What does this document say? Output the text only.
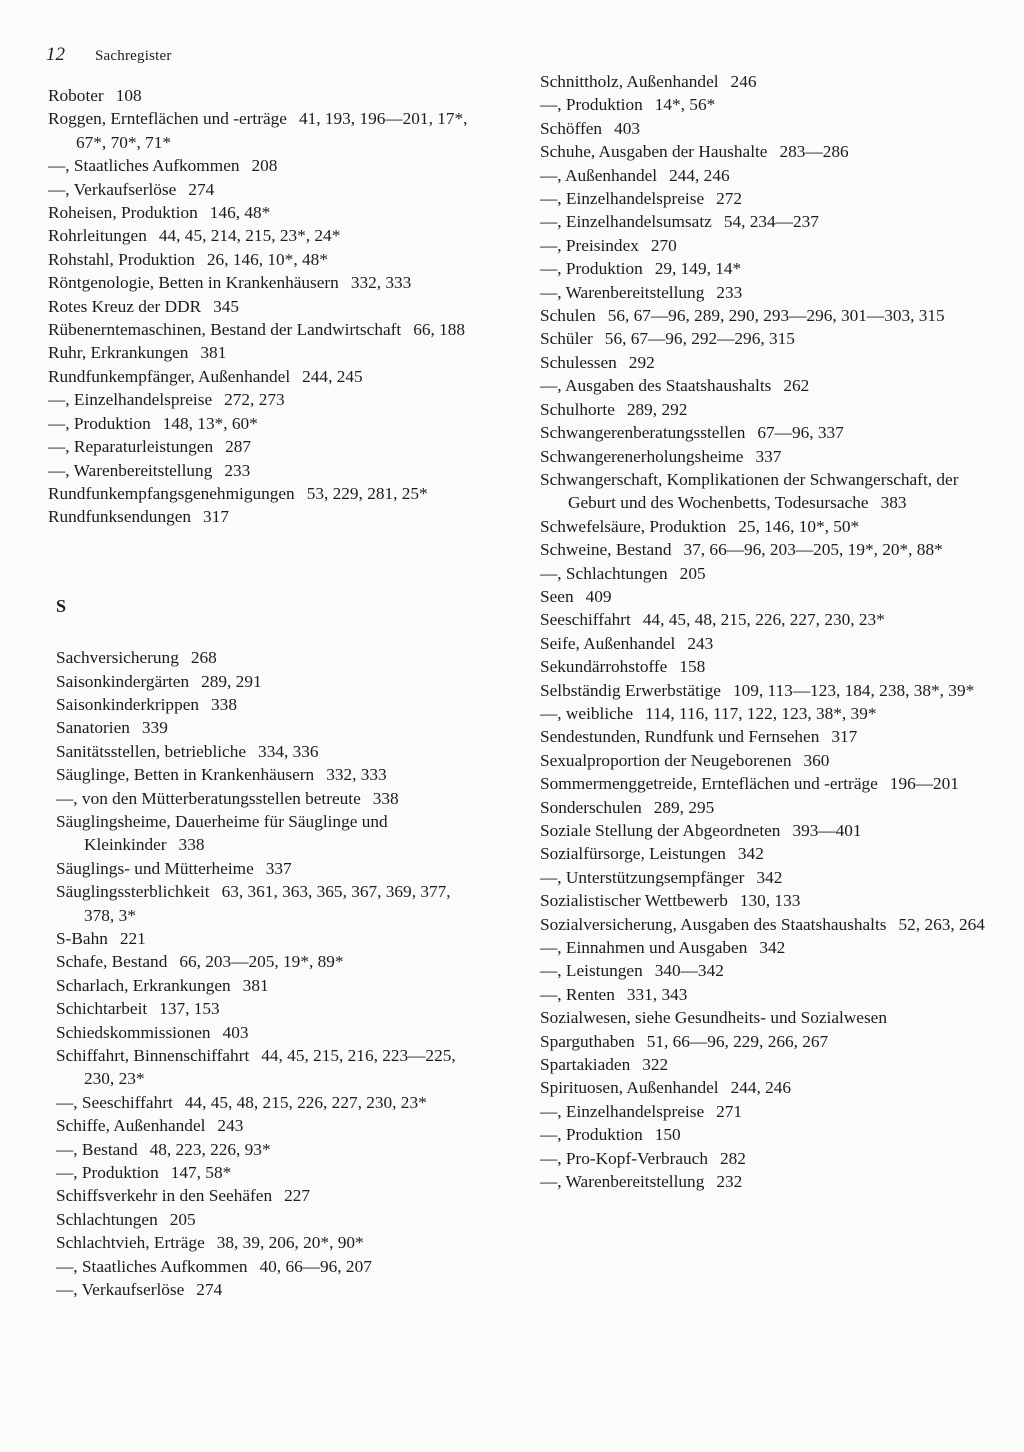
12 Sachregister

Roboter 108

Roggen, Ernteflächen und -erträge 41, 193, 196—201, 17*, 67*, 70*, 71*

—, Staatliches Aufkommen 208

—, Verkaufserlöse 274

Roheisen, Produktion 146, 48*

Rohrleitungen 44, 45, 214, 215, 23*, 24*

Rohstahl, Produktion 26, 146, 10*, 48*

Röntgenologie, Betten in Krankenhäusern 332, 333

Rotes Kreuz der DDR 345

Rübenerntemaschinen, Bestand der Landwirtschaft 66, 188

Ruhr, Erkrankungen 381

Rundfunkempfänger, Außenhandel 244, 245

—, Einzelhandelspreise 272, 273

—, Produktion 148, 13*, 60*

—, Reparaturleistungen 287

—, Warenbereitstellung 233

Rundfunkempfangsgenehmigungen 53, 229, 281, 25*

Rundfunksendungen 317

S

Sachversicherung 268

Saisonkindergärten 289, 291

Saisonkinderkrippen 338

Sanatorien 339

Sanitätsstellen, betriebliche 334, 336

Säuglinge, Betten in Krankenhäusern 332, 333

—, von den Mütterberatungsstellen betreute 338

Säuglingsheime, Dauerheime für Säuglinge und Kleinkinder 338

Säuglings- und Mütterheime 337

Säuglingssterblichkeit 63, 361, 363, 365, 367, 369, 377, 378, 3*

S-Bahn 221

Schafe, Bestand 66, 203—205, 19*, 89*

Scharlach, Erkrankungen 381

Schichtarbeit 137, 153

Schiedskommissionen 403

Schiffahrt, Binnenschiffahrt 44, 45, 215, 216, 223—225, 230, 23*

—, Seeschiffahrt 44, 45, 48, 215, 226, 227, 230, 23*

Schiffe, Außenhandel 243

—, Bestand 48, 223, 226, 93*

—, Produktion 147, 58*

Schiffsverkehr in den Seehäfen 227

Schlachtungen 205

Schlachtvieh, Erträge 38, 39, 206, 20*, 90*

—, Staatliches Aufkommen 40, 66—96, 207

—, Verkaufserlöse 274

Schnittholz, Außenhandel 246

—, Produktion 14*, 56*

Schöffen 403

Schuhe, Ausgaben der Haushalte 283—286

—, Außenhandel 244, 246

—, Einzelhandelspreise 272

—, Einzelhandelsumsatz 54, 234—237

—, Preisindex 270

—, Produktion 29, 149, 14*

—, Warenbereitstellung 233

Schulen 56, 67—96, 289, 290, 293—296, 301—303, 315

Schüler 56, 67—96, 292—296, 315

Schulessen 292

—, Ausgaben des Staatshaushalts 262

Schulhorte 289, 292

Schwangerenberatungsstellen 67—96, 337

Schwangerenerholungsheime 337

Schwangerschaft, Komplikationen der Schwangerschaft, der Geburt und des Wochenbetts, Todesursache 383

Schwefelsäure, Produktion 25, 146, 10*, 50*

Schweine, Bestand 37, 66—96, 203—205, 19*, 20*, 88*

—, Schlachtungen 205

Seen 409

Seeschiffahrt 44, 45, 48, 215, 226, 227, 230, 23*

Seife, Außenhandel 243

Sekundärrohstoffe 158

Selbständig Erwerbstätige 109, 113—123, 184, 238, 38*, 39*

—, weibliche 114, 116, 117, 122, 123, 38*, 39*

Sendestunden, Rundfunk und Fernsehen 317

Sexualproportion der Neugeborenen 360

Sommermenggetreide, Ernteflächen und -erträge 196—201

Sonderschulen 289, 295

Soziale Stellung der Abgeordneten 393—401

Sozialfürsorge, Leistungen 342

—, Unterstützungsempfänger 342

Sozialistischer Wettbewerb 130, 133

Sozialversicherung, Ausgaben des Staatshaushalts 52, 263, 264

—, Einnahmen und Ausgaben 342

—, Leistungen 340—342

—, Renten 331, 343

Sozialwesen, siehe Gesundheits- und Sozialwesen

Sparguthaben 51, 66—96, 229, 266, 267

Spartakiaden 322

Spirituosen, Außenhandel 244, 246

—, Einzelhandelspreise 271

—, Produktion 150

—, Pro-Kopf-Verbrauch 282

—, Warenbereitstellung 232
